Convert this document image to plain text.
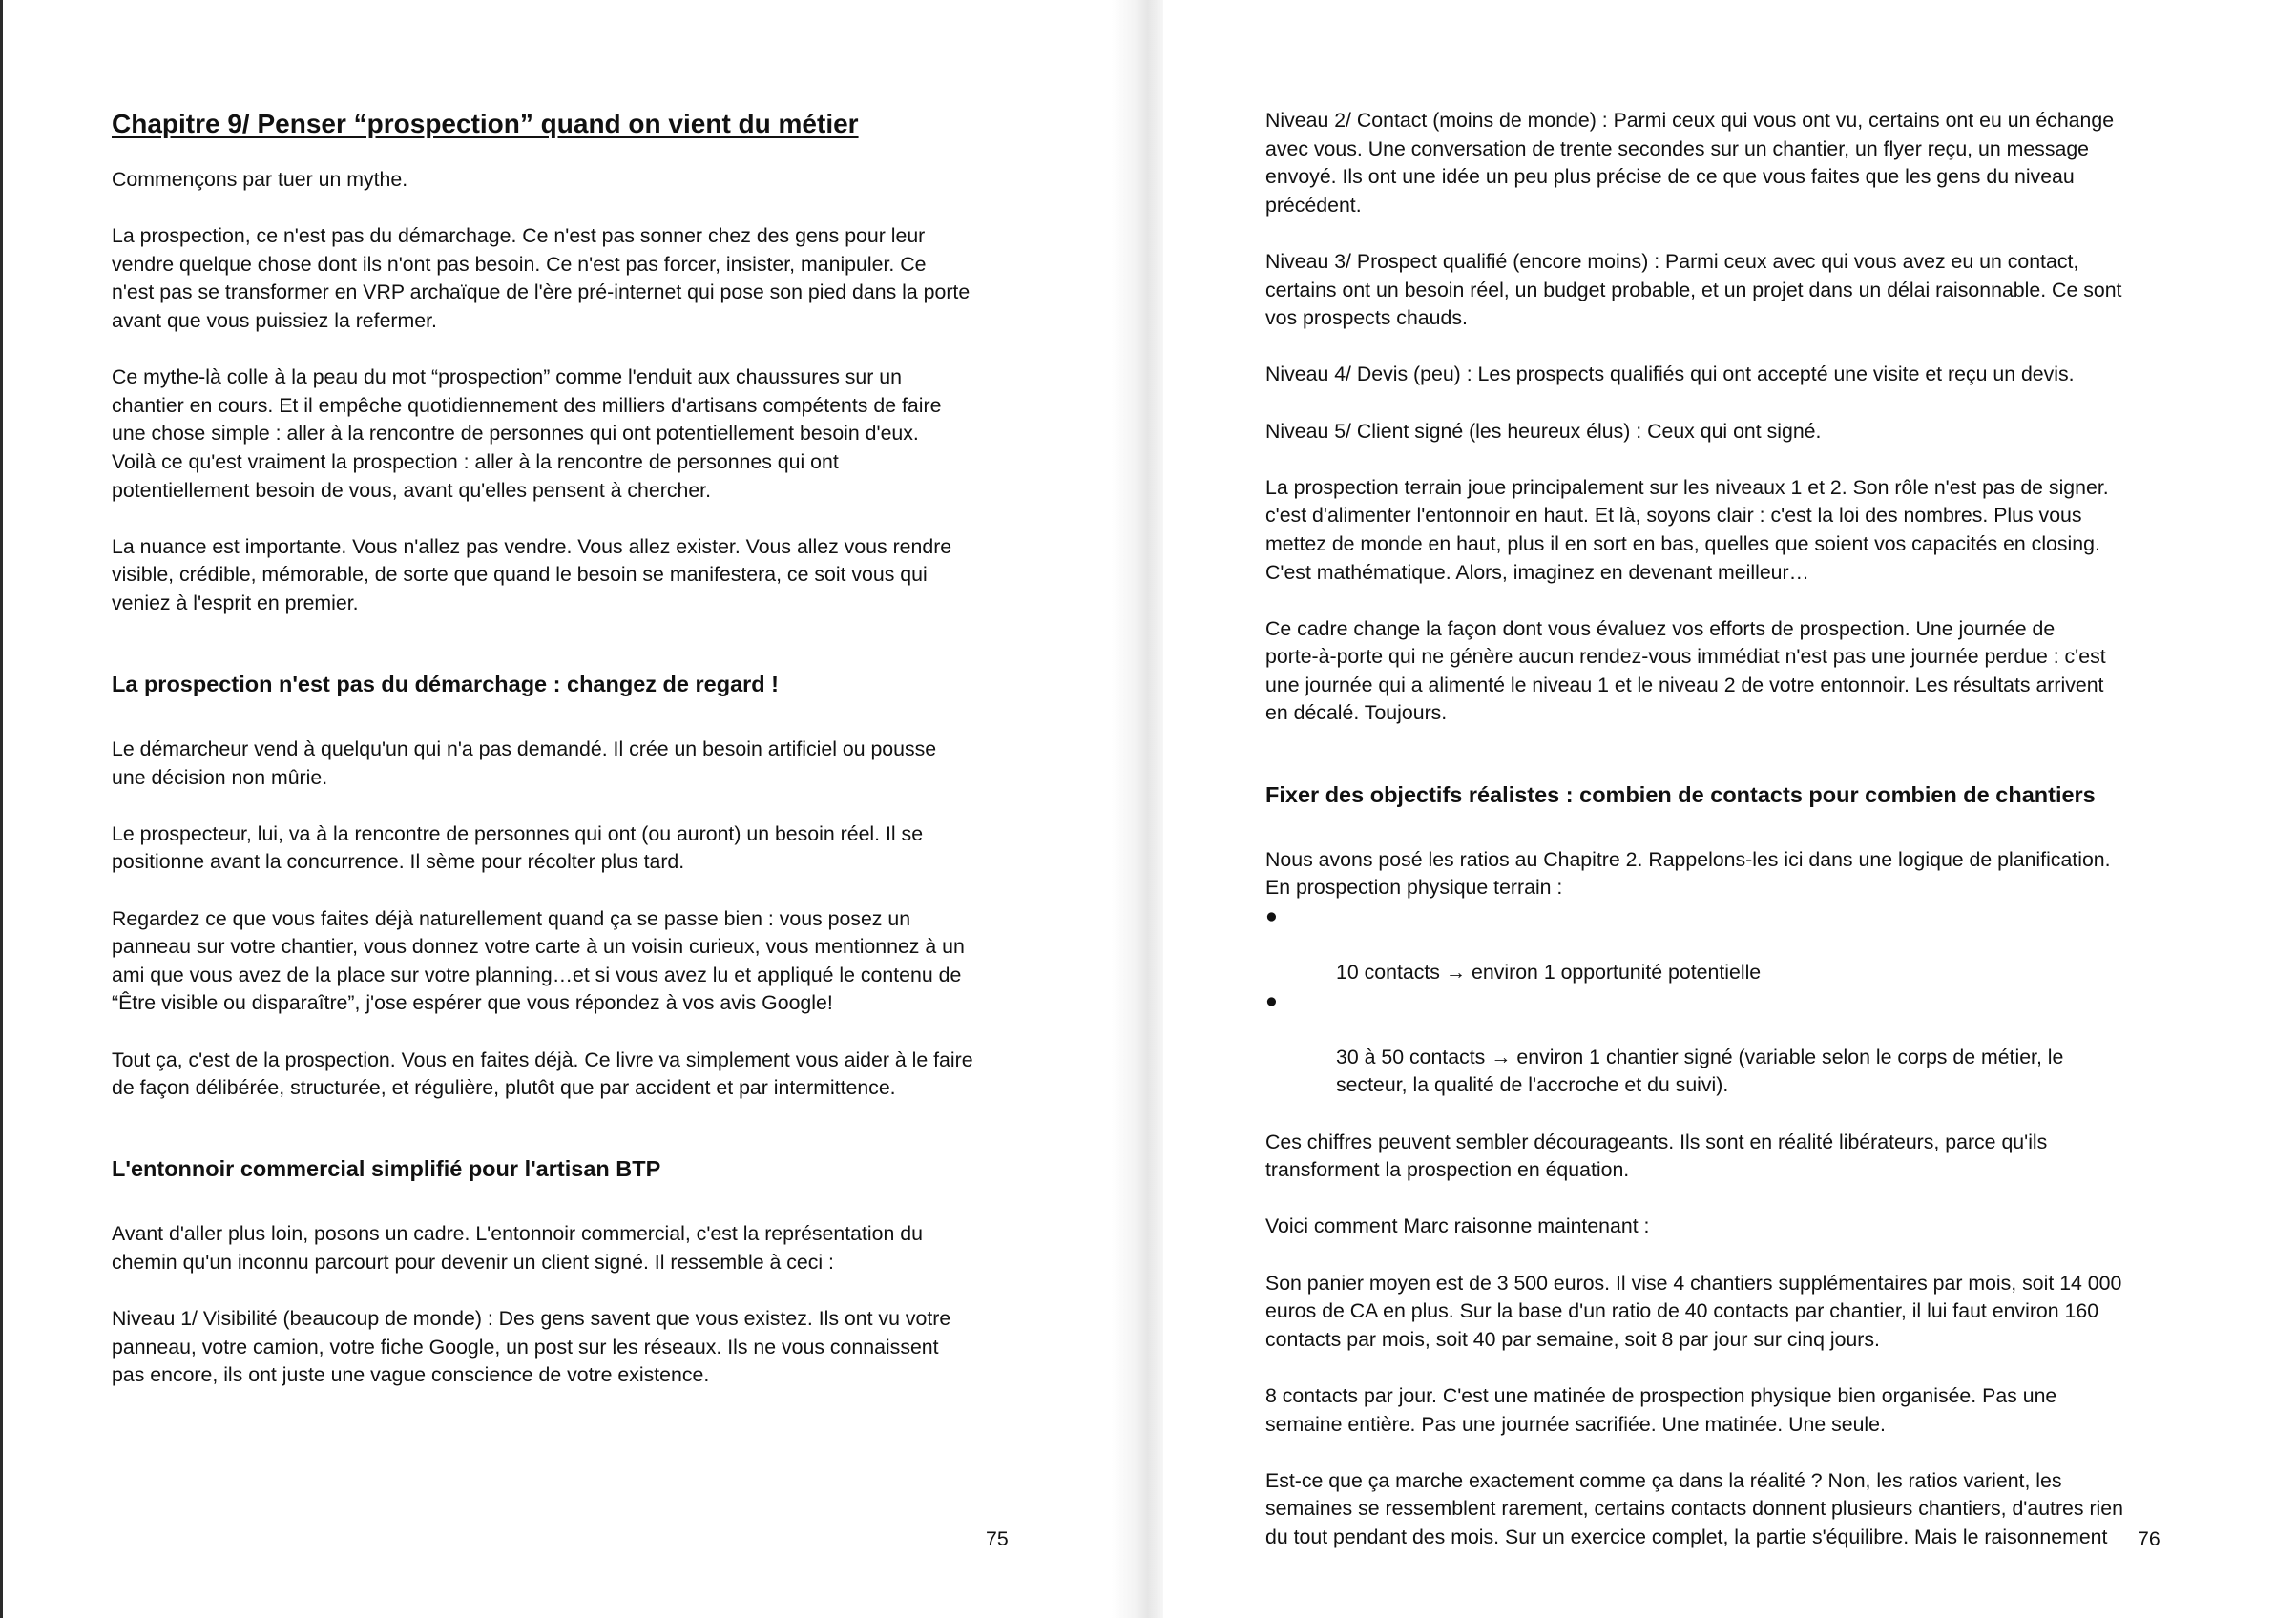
Chapitre 9/ Penser “prospection” quand on vient du métier

Commençons par tuer un mythe.

La prospection, ce n'est pas du démarchage. Ce n'est pas sonner chez des gens pour leur
vendre quelque chose dont ils n'ont pas besoin. Ce n'est pas forcer, insister, manipuler. Ce
n'est pas se transformer en VRP archaïque de l'ère pré-internet qui pose son pied dans la porte
avant que vous puissiez la refermer.

Ce mythe-là colle à la peau du mot “prospection” comme l'enduit aux chaussures sur un
chantier en cours. Et il empêche quotidiennement des milliers d'artisans compétents de faire
une chose simple : aller à la rencontre de personnes qui ont potentiellement besoin d'eux.
Voilà ce qu'est vraiment la prospection : aller à la rencontre de personnes qui ont
potentiellement besoin de vous, avant qu'elles pensent à chercher.

La nuance est importante. Vous n'allez pas vendre. Vous allez exister. Vous allez vous rendre
visible, crédible, mémorable, de sorte que quand le besoin se manifestera, ce soit vous qui
veniez à l'esprit en premier.

La prospection n'est pas du démarchage : changez de regard !

Le démarcheur vend à quelqu'un qui n'a pas demandé. Il crée un besoin artificiel ou pousse
une décision non mûrie.

Le prospecteur, lui, va à la rencontre de personnes qui ont (ou auront) un besoin réel. Il se
positionne avant la concurrence. Il sème pour récolter plus tard.

Regardez ce que vous faites déjà naturellement quand ça se passe bien : vous posez un
panneau sur votre chantier, vous donnez votre carte à un voisin curieux, vous mentionnez à un
ami que vous avez de la place sur votre planning…et si vous avez lu et appliqué le contenu de
“Être visible ou disparaître”, j'ose espérer que vous répondez à vos avis Google!

Tout ça, c'est de la prospection. Vous en faites déjà. Ce livre va simplement vous aider à le faire
de façon délibérée, structurée, et régulière, plutôt que par accident et par intermittence.

L'entonnoir commercial simplifié pour l'artisan BTP

Avant d'aller plus loin, posons un cadre. L'entonnoir commercial, c'est la représentation du
chemin qu'un inconnu parcourt pour devenir un client signé. Il ressemble à ceci :

Niveau 1/ Visibilité (beaucoup de monde) : Des gens savent que vous existez. Ils ont vu votre
panneau, votre camion, votre fiche Google, un post sur les réseaux. Ils ne vous connaissent
pas encore, ils ont juste une vague conscience de votre existence.

75

Niveau 2/ Contact (moins de monde) : Parmi ceux qui vous ont vu, certains ont eu un échange
avec vous. Une conversation de trente secondes sur un chantier, un flyer reçu, un message
envoyé. Ils ont une idée un peu plus précise de ce que vous faites que les gens du niveau
précédent.

Niveau 3/ Prospect qualifié (encore moins) : Parmi ceux avec qui vous avez eu un contact,
certains ont un besoin réel, un budget probable, et un projet dans un délai raisonnable. Ce sont
vos prospects chauds.

Niveau 4/ Devis (peu) : Les prospects qualifiés qui ont accepté une visite et reçu un devis.

Niveau 5/ Client signé (les heureux élus) : Ceux qui ont signé.

La prospection terrain joue principalement sur les niveaux 1 et 2. Son rôle n'est pas de signer.
c'est d'alimenter l'entonnoir en haut. Et là, soyons clair : c'est la loi des nombres. Plus vous
mettez de monde en haut, plus il en sort en bas, quelles que soient vos capacités en closing.
C'est mathématique. Alors, imaginez en devenant meilleur…

Ce cadre change la façon dont vous évaluez vos efforts de prospection. Une journée de
porte-à-porte qui ne génère aucun rendez-vous immédiat n'est pas une journée perdue : c'est
une journée qui a alimenté le niveau 1 et le niveau 2 de votre entonnoir. Les résultats arrivent
en décalé. Toujours.

Fixer des objectifs réalistes : combien de contacts pour combien de chantiers

Nous avons posé les ratios au Chapitre 2. Rappelons-les ici dans une logique de planification.
En prospection physique terrain :

●

10 contacts → environ 1 opportunité potentielle

●

30 à 50 contacts → environ 1 chantier signé (variable selon le corps de métier, le
secteur, la qualité de l'accroche et du suivi).

Ces chiffres peuvent sembler décourageants. Ils sont en réalité libérateurs, parce qu'ils
transforment la prospection en équation.

Voici comment Marc raisonne maintenant :

Son panier moyen est de 3 500 euros. Il vise 4 chantiers supplémentaires par mois, soit 14 000
euros de CA en plus. Sur la base d'un ratio de 40 contacts par chantier, il lui faut environ 160
contacts par mois, soit 40 par semaine, soit 8 par jour sur cinq jours.

8 contacts par jour. C'est une matinée de prospection physique bien organisée. Pas une
semaine entière. Pas une journée sacrifiée. Une matinée. Une seule.

Est-ce que ça marche exactement comme ça dans la réalité ? Non, les ratios varient, les
semaines se ressemblent rarement, certains contacts donnent plusieurs chantiers, d'autres rien
du tout pendant des mois. Sur un exercice complet, la partie s'équilibre. Mais le raisonnement	76
